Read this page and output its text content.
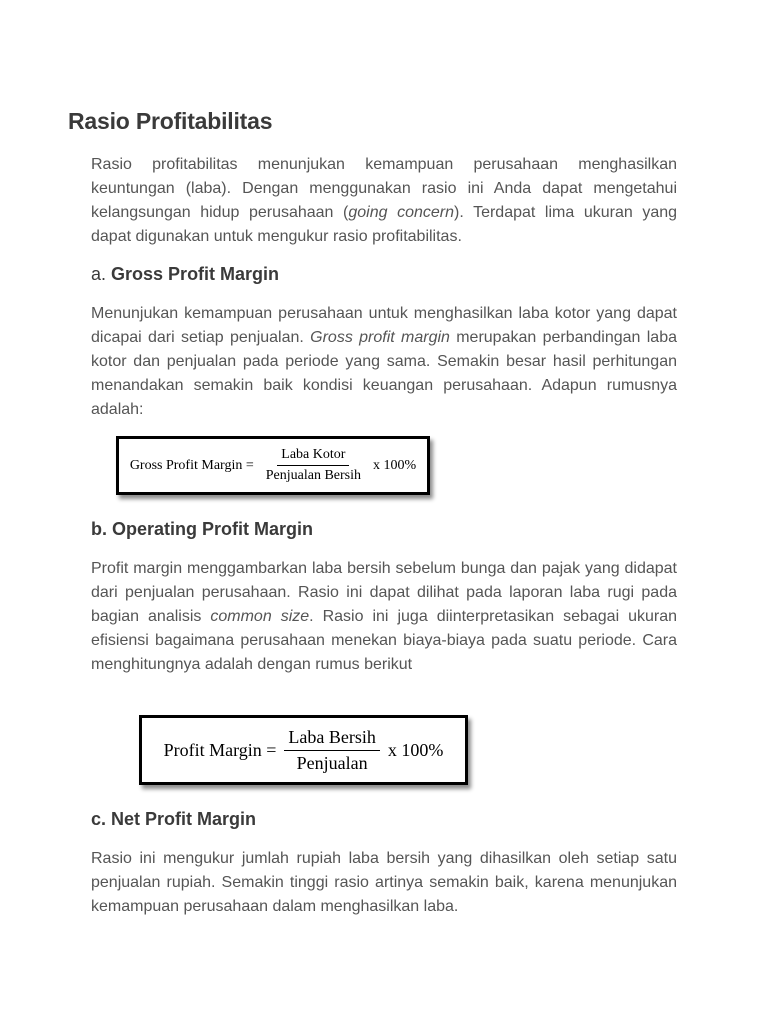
Rasio Profitabilitas

Rasio profitabilitas menunjukan kemampuan perusahaan menghasilkan keuntungan (laba). Dengan menggunakan rasio ini Anda dapat mengetahui kelangsungan hidup perusahaan (going concern). Terdapat lima ukuran yang dapat digunakan untuk mengukur rasio profitabilitas.

a. Gross Profit Margin

Menunjukan kemampuan perusahaan untuk menghasilkan laba kotor yang dapat dicapai dari setiap penjualan. Gross profit margin merupakan perbandingan laba kotor dan penjualan pada periode yang sama. Semakin besar hasil perhitungan menandakan semakin baik kondisi keuangan perusahaan. Adapun rumusnya adalah:

Gross Profit Margin = $\frac{\text{Laba Kotor}}{\text{Penjualan Bersih}}$ x 100%
b. Operating Profit Margin

Profit margin menggambarkan laba bersih sebelum bunga dan pajak yang didapat dari penjualan perusahaan. Rasio ini dapat dilihat pada laporan laba rugi pada bagian analisis common size. Rasio ini juga diinterpretasikan sebagai ukuran efisiensi bagaimana perusahaan menekan biaya-biaya pada suatu periode. Cara menghitungnya adalah dengan rumus berikut

Profit Margin = $\frac{\text{Laba Bersih}}{\text{Penjualan}}$ x 100%
c. Net Profit Margin

Rasio ini mengukur jumlah rupiah laba bersih yang dihasilkan oleh setiap satu penjualan rupiah. Semakin tinggi rasio artinya semakin baik, karena menunjukan kemampuan perusahaan dalam menghasilkan laba.
